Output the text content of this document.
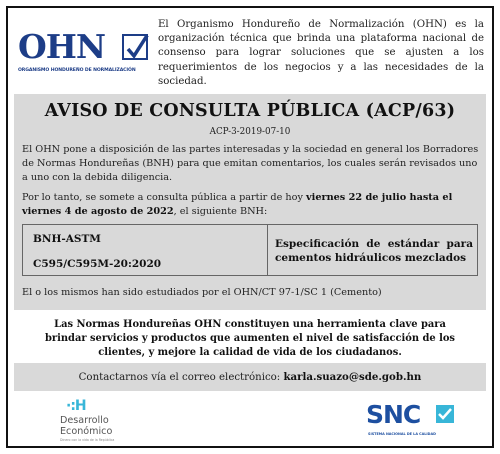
OHN
ORGANISMO HONDUREÑO DE NORMALIZACIÓN
El Organismo Hondureño de Normalización (OHN) es la organización técnica que brinda una plataforma nacional de consenso para lograr soluciones que se ajusten a los requerimientos de los negocios y a las necesidades de la sociedad.
AVISO DE CONSULTA PÚBLICA (ACP/63)
ACP-3-2019-07-10
El OHN pone a disposición de las partes interesadas y la sociedad en general los Borradores de Normas Hondureñas (BNH) para que emitan comentarios, los cuales serán revisados uno a uno con la debida diligencia.
Por lo tanto, se somete a consulta pública a partir de hoy viernes 22 de julio hasta el viernes 4 de agosto de 2022, el siguiente BNH:
BNH-ASTM
C595/C595M-20:2020
Especificación de estándar para cementos hidráulicos mezclados
El o los mismos han sido estudiados por el OHN/CT 97-1/SC 1 (Cemento)
Las Normas Hondureñas OHN constituyen una herramienta clave para brindar servicios y productos que aumenten el nivel de satisfacción de los clientes, y mejore la calidad de vida de los ciudadanos.
Contactarnos vía el correo electrónico: karla.suazo@sde.gob.hn
·:H
Desarrollo
Económico
Dinero con la vida de la República
SNC
SISTEMA NACIONAL DE LA CALIDAD
